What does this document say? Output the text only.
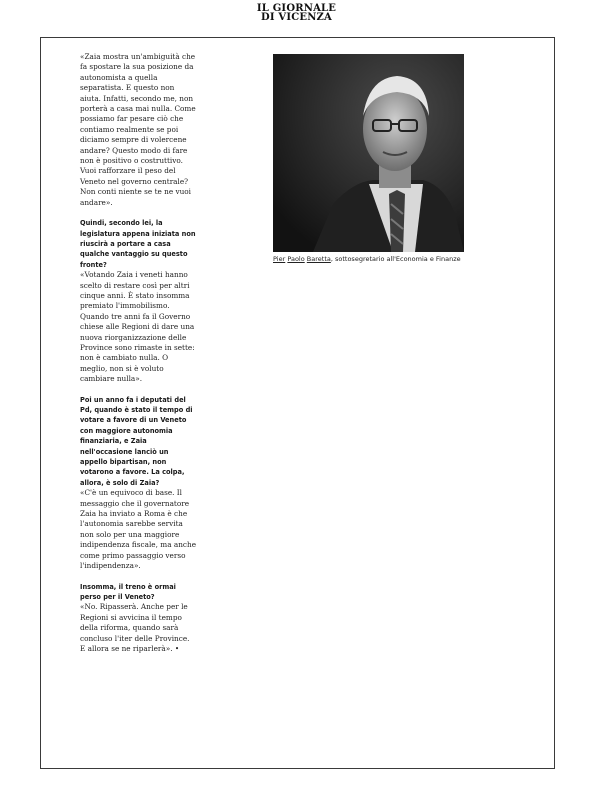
IL GIORNALE
DI VICENZA

«Zaia mostra un'ambiguità che fa spostare la sua posizione da autonomista a quella separatista. E questo non aiuta. Infatti, secondo me, non porterà a casa mai nulla. Come possiamo far pesare ciò che contiamo realmente se poi diciamo sempre di volercene andare? Questo modo di fare non è positivo o costruttivo. Vuoi rafforzare il peso del Veneto nel governo centrale? Non conti niente se te ne vuoi andare».

Quindi, secondo lei, la legislatura appena iniziata non riuscirà a portare a casa qualche vantaggio su questo fronte?

«Votando Zaia i veneti hanno scelto di restare così per altri cinque anni. È stato insomma premiato l'immobilismo. Quando tre anni fa il Governo chiese alle Regioni di dare una nuova riorganizzazione delle Province sono rimaste in sette: non è cambiato nulla. O meglio, non si è voluto cambiare nulla».

Poi un anno fa i deputati del Pd, quando è stato il tempo di votare a favore di un Veneto con maggiore autonomia finanziaria, e Zaia nell'occasione lanciò un appello bipartisan, non votarono a favore. La colpa, allora, è solo di Zaia?

«C'è un equivoco di base. Il messaggio che il governatore Zaia ha inviato a Roma è che l'autonomia sarebbe servita non solo per una maggiore indipendenza fiscale, ma anche come primo passaggio verso l'indipendenza».

Insomma, il treno è ormai perso per il Veneto?

«No. Ripasserà. Anche per le Regioni si avvicina il tempo della riforma, quando sarà concluso l'iter delle Province. E allora se ne riparlerà». •

Pier Paolo Baretta, sottosegretario all'Economia e Finanze
